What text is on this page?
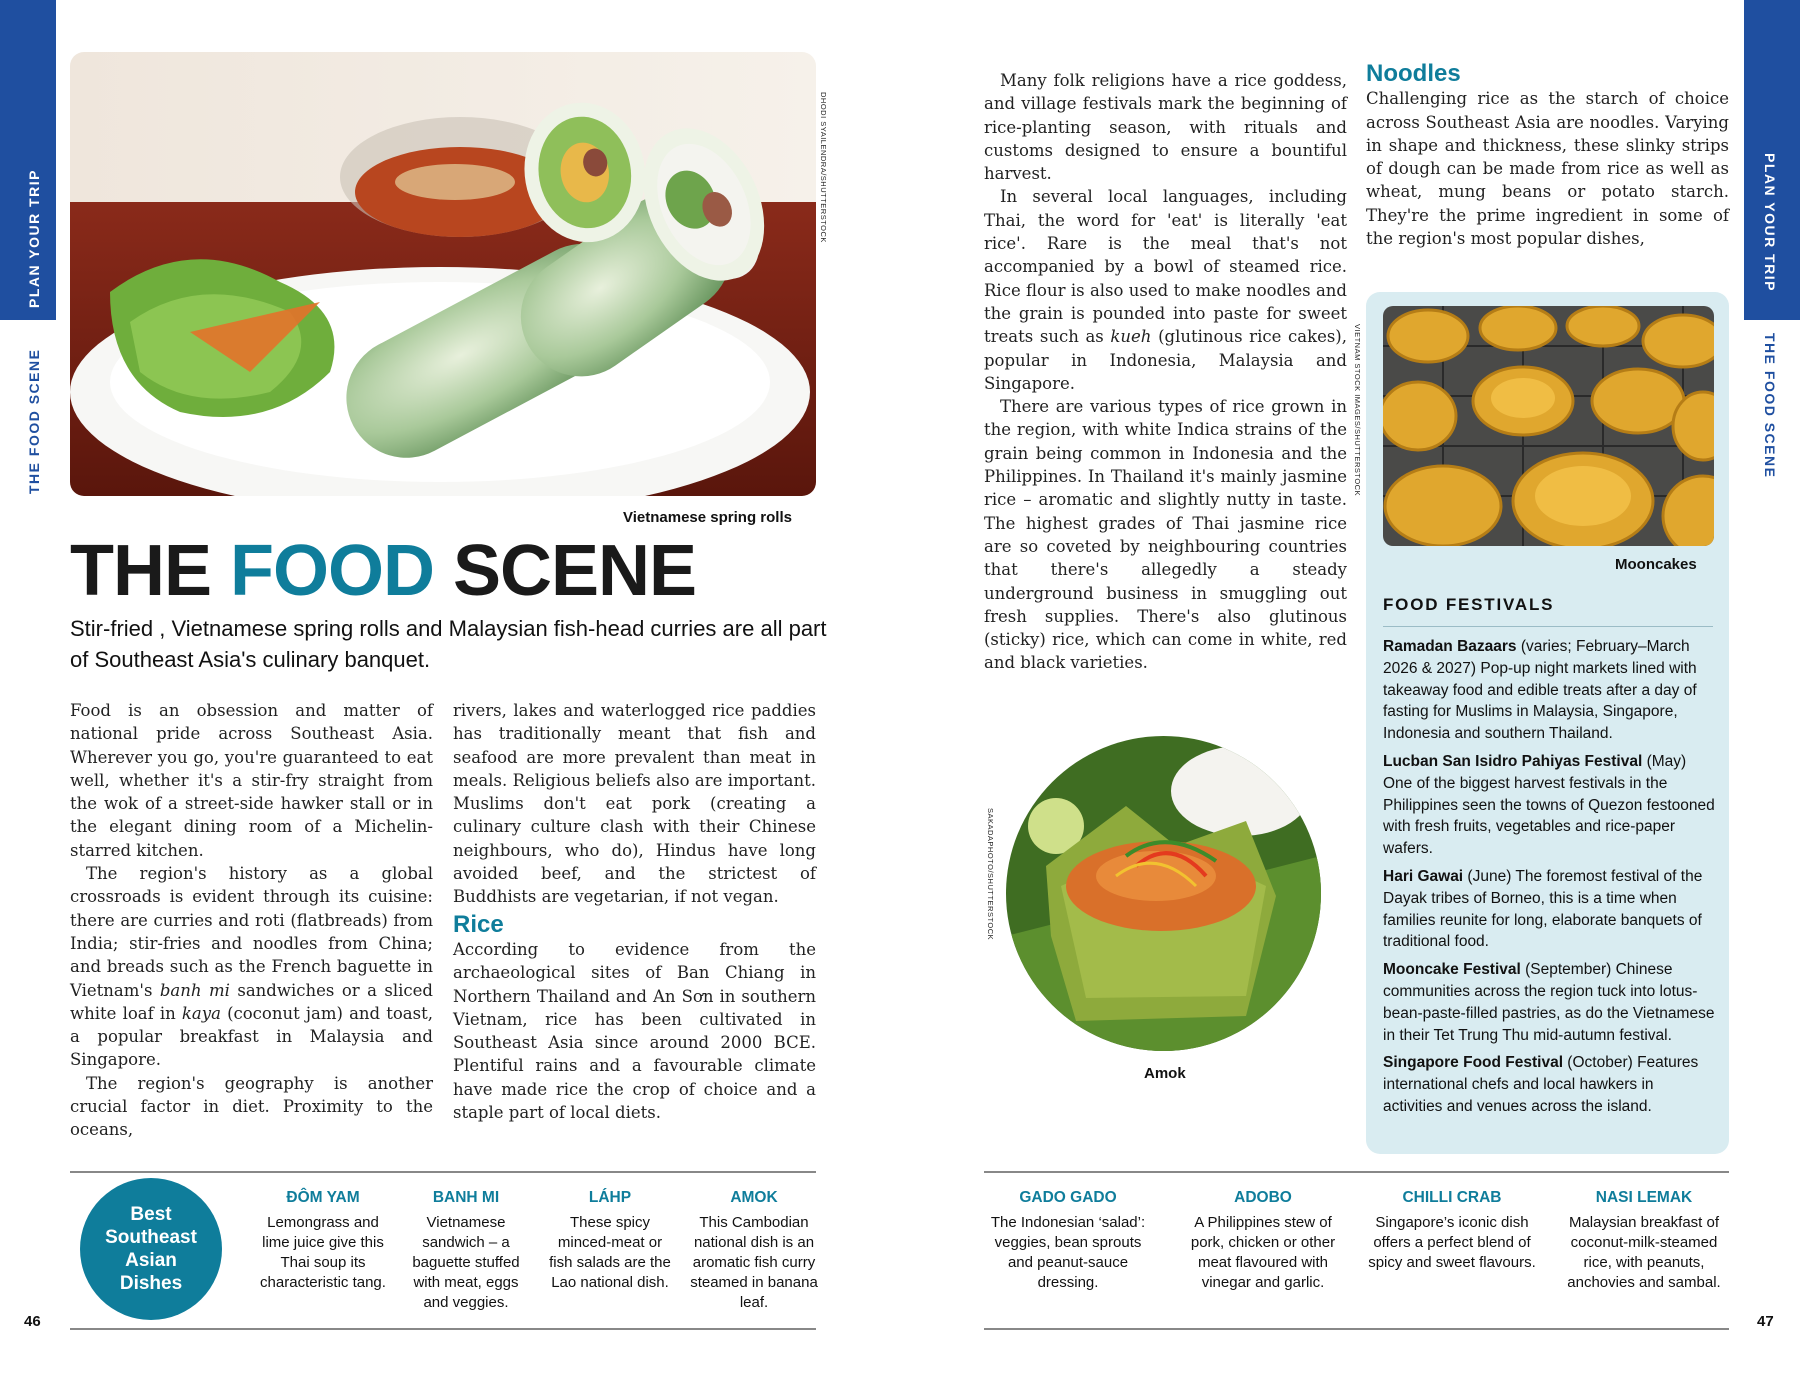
PLAN YOUR TRIP
THE FOOD SCENE
PLAN YOUR TRIP
THE FOOD SCENE
46	47
DHODI SYAILENDRA/SHUTTERSTOCK
Vietnamese spring rolls
THE FOOD SCENE
Stir-fried , Vietnamese spring rolls and Malaysian fish-head curries are all part of Southeast Asia's culinary banquet.

Food is an obsession and matter of national pride across Southeast Asia. Wherever you go, you're guaranteed to eat well, whether it's a stir-fry straight from the wok of a street-side hawker stall or in the elegant dining room of a Michelin-starred kitchen.

The region's history as a global crossroads is evident through its cuisine: there are curries and roti (flatbreads) from India; stir-fries and noodles from China; and breads such as the French baguette in Vietnam's banh mi sandwiches or a sliced white loaf in kaya (coconut jam) and toast, a popular breakfast in Malaysia and Singapore.

The region's geography is another crucial factor in diet. Proximity to the oceans,

rivers, lakes and waterlogged rice paddies has traditionally meant that fish and seafood are more prevalent than meat in meals. Religious beliefs also are important. Muslims don't eat pork (creating a culinary culture clash with their Chinese neighbours, who do), Hindus have long avoided beef, and the strictest of Buddhists are vegetarian, if not vegan.

Rice

According to evidence from the archaeological sites of Ban Chiang in Northern Thailand and An Sơn in southern Vietnam, rice has been cultivated in Southeast Asia since around 2000 BCE. Plentiful rains and a favourable climate have made rice the crop of choice and a staple part of local diets.

Many folk religions have a rice goddess, and village festivals mark the beginning of rice-planting season, with rituals and customs designed to ensure a bountiful harvest.

In several local languages, including Thai, the word for 'eat' is literally 'eat rice'. Rare is the meal that's not accompanied by a bowl of steamed rice. Rice flour is also used to make noodles and the grain is pounded into paste for sweet treats such as kueh (glutinous rice cakes), popular in Indonesia, Malaysia and Singapore.

There are various types of rice grown in the region, with white Indica strains of the grain being common in Indonesia and the Philippines. In Thailand it's mainly jasmine rice – aromatic and slightly nutty in taste. The highest grades of Thai jasmine rice are so coveted by neighbouring countries that there's allegedly a steady underground business in smuggling out fresh supplies. There's also glutinous (sticky) rice, which can come in white, red and black varieties.

Noodles

Challenging rice as the starch of choice across Southeast Asia are noodles. Varying in shape and thickness, these slinky strips of dough can be made from rice as well as wheat, mung beans or potato starch. They're the prime ingredient in some of the region's most popular dishes,

VIETNAM STOCK IMAGES/SHUTTERSTOCK
Mooncakes
FOOD FESTIVALS
Ramadan Bazaars (varies; February–March 2026 & 2027) Pop-up night markets lined with takeaway food and edible treats after a day of fasting for Muslims in Malaysia, Singapore, Indonesia and southern Thailand.
Lucban San Isidro Pahiyas Festival (May) One of the biggest harvest festivals in the Philippines seen the towns of Quezon festooned with fresh fruits, vegetables and rice-paper wafers.
Hari Gawai (June) The foremost festival of the Dayak tribes of Borneo, this is a time when families reunite for long, elaborate banquets of traditional food.
Mooncake Festival (September) Chinese communities across the region tuck into lotus-bean-paste-filled pastries, as do the Vietnamese in their Tet Trung Thu mid-autumn festival.
Singapore Food Festival (October) Features international chefs and local hawkers in activities and venues across the island.
SAKADAPHOTO/SHUTTERSTOCK
Amok
Best Southeast Asian Dishes
ĐÔM YAM
Lemongrass and lime juice give this Thai soup its characteristic tang.
BANH MI
Vietnamese sandwich – a baguette stuffed with meat, eggs and veggies.
LÁHP
These spicy minced-meat or fish salads are the Lao national dish.
AMOK
This Cambodian national dish is an aromatic fish curry steamed in banana leaf.
GADO GADO
The Indonesian ‘salad’: veggies, bean sprouts and peanut-sauce dressing.
ADOBO
A Philippines stew of pork, chicken or other meat flavoured with vinegar and garlic.
CHILLI CRAB
Singapore’s iconic dish offers a perfect blend of spicy and sweet flavours.
NASI LEMAK
Malaysian breakfast of coconut-milk-steamed rice, with peanuts, anchovies and sambal.
